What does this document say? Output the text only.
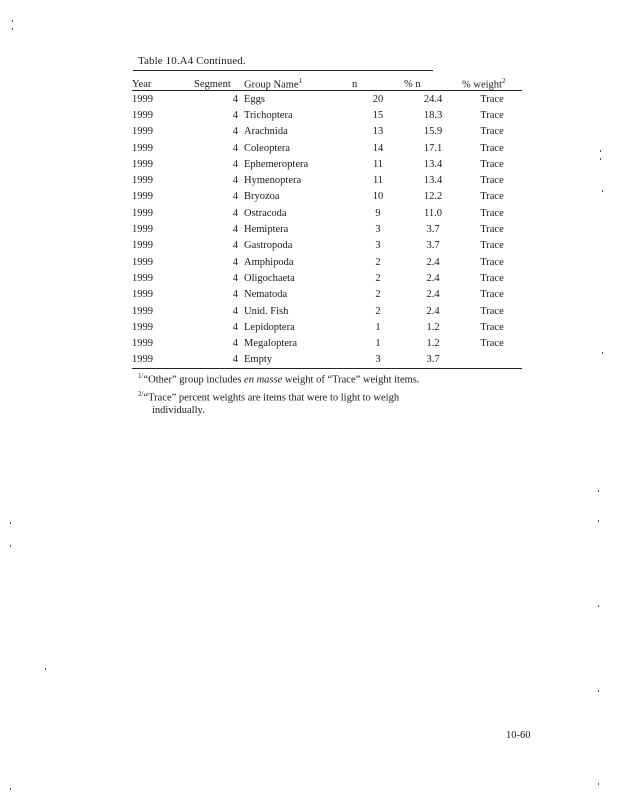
Table 10.A4 Continued.
Year	Segment	Group Name$^1$	n	% n	% weight$^2$
1999	4	Eggs	20	24.4	Trace
1999	4	Trichoptera	15	18.3	Trace
1999	4	Arachnida	13	15.9	Trace
1999	4	Coleoptera	14	17.1	Trace
1999	4	Ephemeroptera	11	13.4	Trace
1999	4	Hymenoptera	11	13.4	Trace
1999	4	Bryozoa	10	12.2	Trace
1999	4	Ostracoda	9	11.0	Trace
1999	4	Hemiptera	3	3.7	Trace
1999	4	Gastropoda	3	3.7	Trace
1999	4	Amphipoda	2	2.4	Trace
1999	4	Oligochaeta	2	2.4	Trace
1999	4	Nematoda	2	2.4	Trace
1999	4	Unid. Fish	2	2.4	Trace
1999	4	Lepidoptera	1	1.2	Trace
1999	4	Megaloptera	1	1.2	Trace
1999	4	Empty	3	3.7	
$^{1/}$“Other” group includes en masse weight of “Trace” weight items.
$^{2/}$“Trace” percent weights are items that were to light to weigh
individually.
10-60
